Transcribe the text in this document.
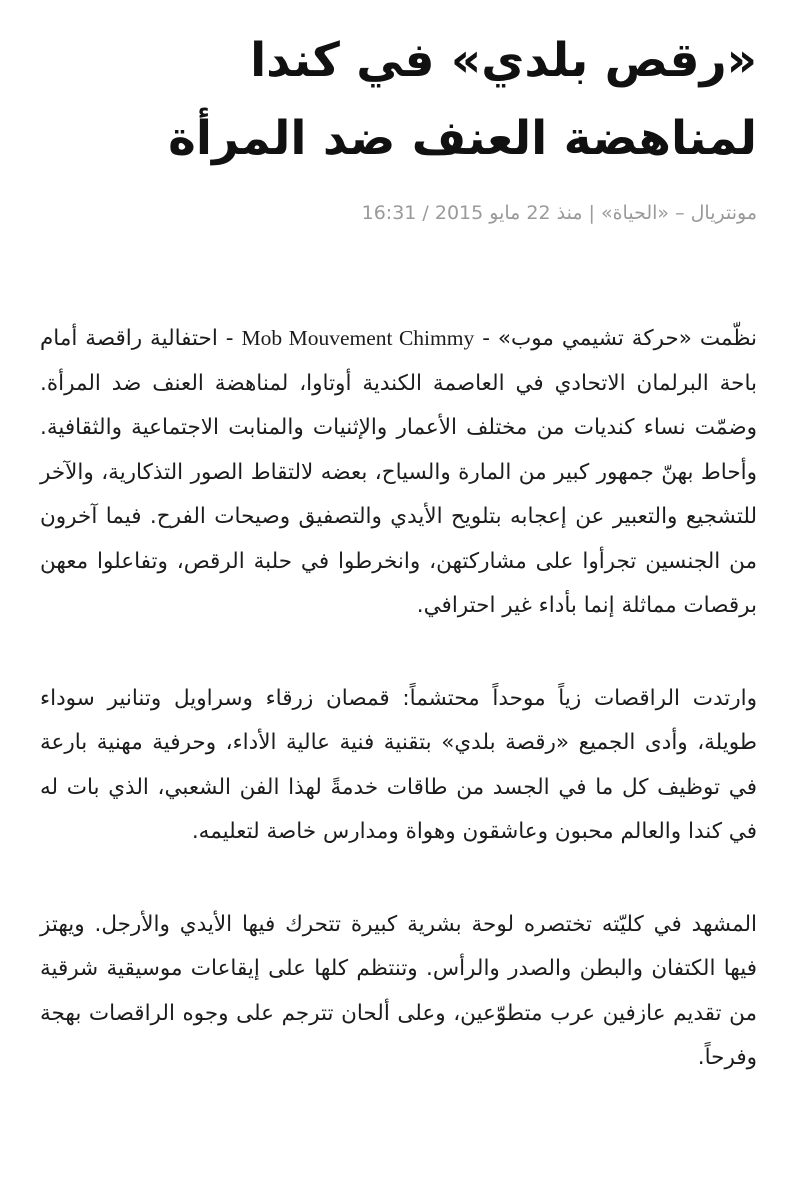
«رقص بلدي» في كندا
لمناهضة العنف ضد المرأة
مونتريال – «الحياة» | منذ 22 مايو 2015 / 16:31

نظّمت «حركة تشيمي موب» - Mob Mouvement Chimmy - احتفالية راقصة أمام باحة البرلمان الاتحادي في العاصمة الكندية أوتاوا، لمناهضة العنف ضد المرأة. وضمّت نساء كنديات من مختلف الأعمار والإثنيات والمنابت الاجتماعية والثقافية. وأحاط بهنّ جمهور كبير من المارة والسياح، بعضه لالتقاط الصور التذكارية، والآخر للتشجيع والتعبير عن إعجابه بتلويح الأيدي والتصفيق وصيحات الفرح. فيما آخرون من الجنسين تجرأوا على مشاركتهن، وانخرطوا في حلبة الرقص، وتفاعلوا معهن برقصات مماثلة إنما بأداء غير احترافي.

وارتدت الراقصات زياً موحداً محتشماً: قمصان زرقاء وسراويل وتنانير سوداء طويلة، وأدى الجميع «رقصة بلدي» بتقنية فنية عالية الأداء، وحرفية مهنية بارعة في توظيف كل ما في الجسد من طاقات خدمةً لهذا الفن الشعبي، الذي بات له في كندا والعالم محبون وعاشقون وهواة ومدارس خاصة لتعليمه.

المشهد في كليّته تختصره لوحة بشرية كبيرة تتحرك فيها الأيدي والأرجل. ويهتز فيها الكتفان والبطن والصدر والرأس. وتنتظم كلها على إيقاعات موسيقية شرقية من تقديم عازفين عرب متطوّعين، وعلى ألحان تترجم على وجوه الراقصات بهجة وفرحاً.
